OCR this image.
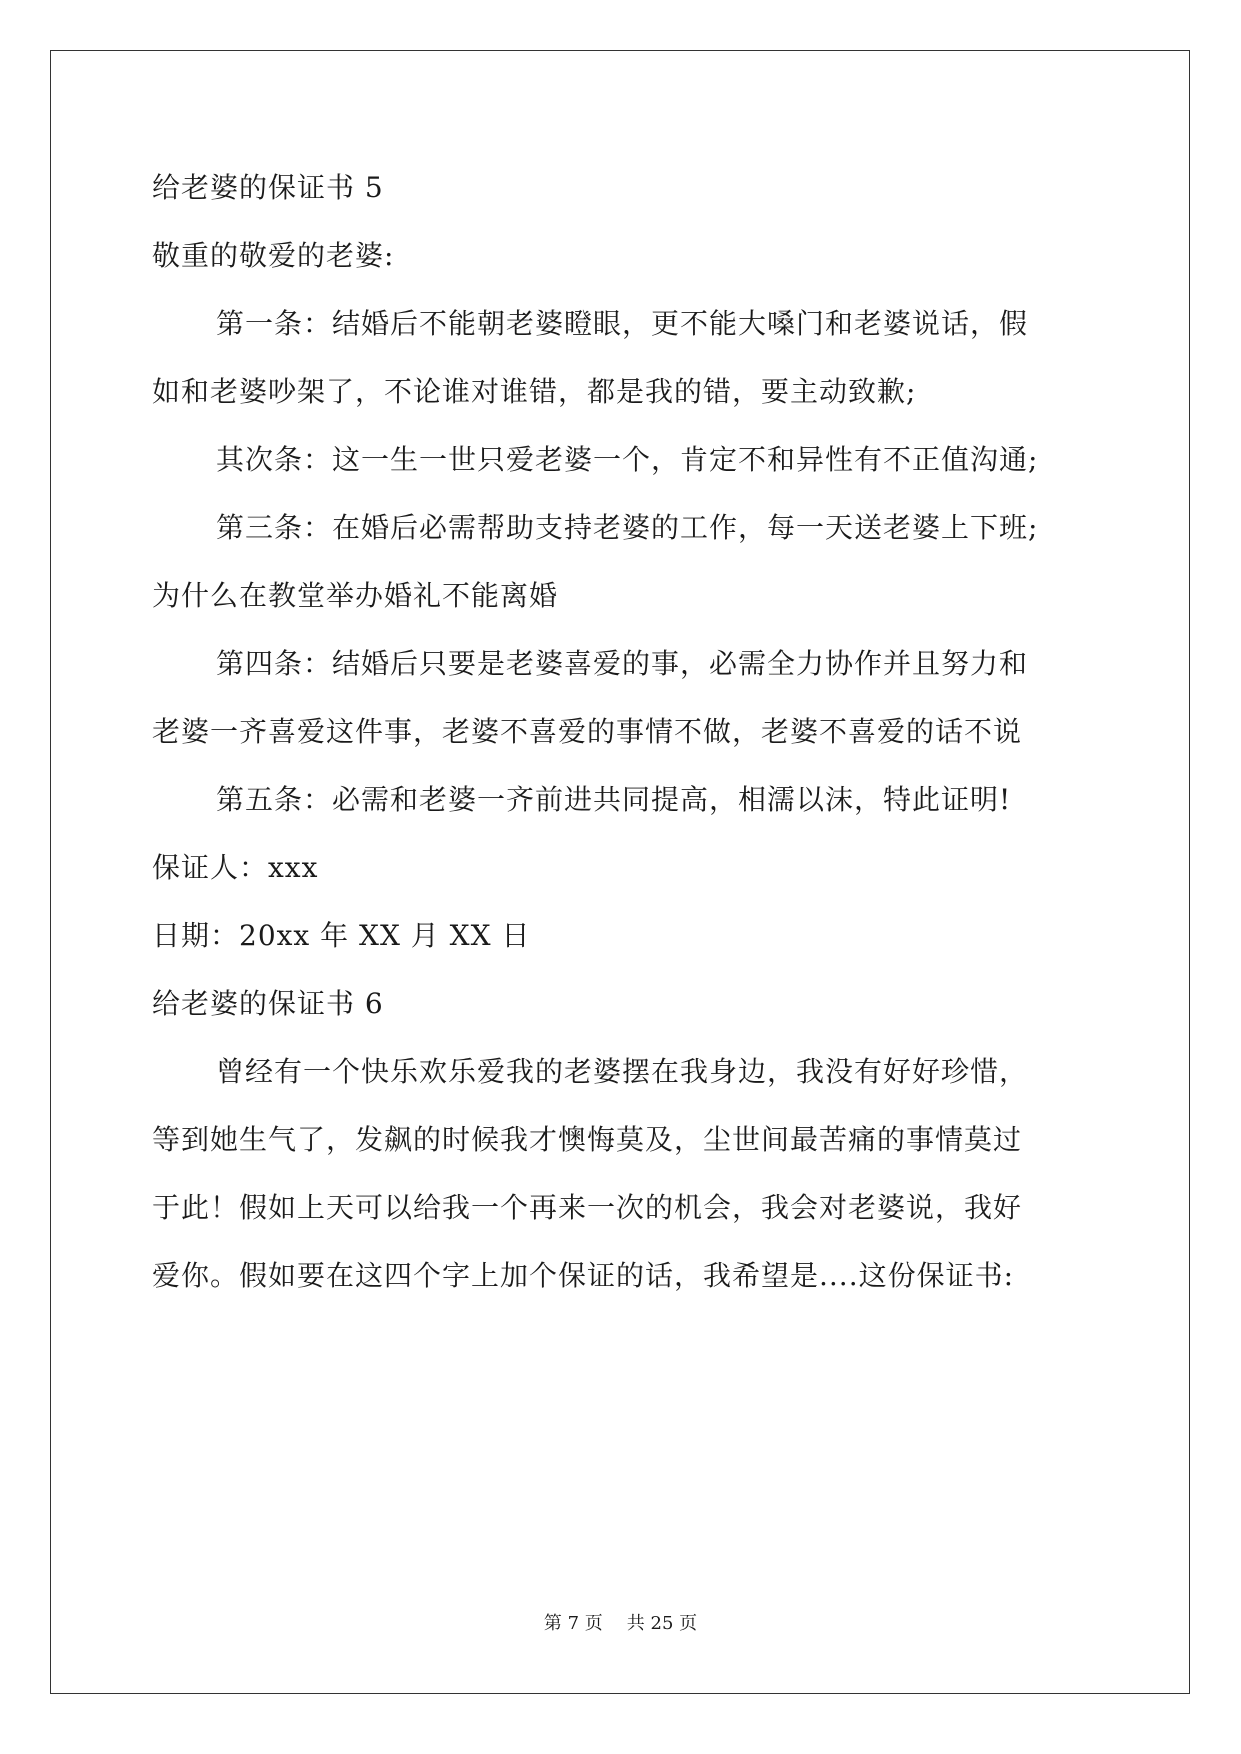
给老婆的保证书 5
敬重的敬爱的老婆:
第一条：结婚后不能朝老婆瞪眼，更不能大嗓门和老婆说话，假
如和老婆吵架了，不论谁对谁错，都是我的错，要主动致歉;
其次条：这一生一世只爱老婆一个，肯定不和异性有不正值沟通;
第三条：在婚后必需帮助支持老婆的工作，每一天送老婆上下班;
为什么在教堂举办婚礼不能离婚
第四条：结婚后只要是老婆喜爱的事，必需全力协作并且努力和
老婆一齐喜爱这件事，老婆不喜爱的事情不做，老婆不喜爱的话不说
第五条：必需和老婆一齐前进共同提高，相濡以沫，特此证明!
保证人：xxx
日期：20xx 年 XX 月 XX 日
给老婆的保证书 6
曾经有一个快乐欢乐爱我的老婆摆在我身边，我没有好好珍惜，
等到她生气了，发飙的时候我才懊悔莫及，尘世间最苦痛的事情莫过
于此！假如上天可以给我一个再来一次的机会，我会对老婆说，我好
爱你。假如要在这四个字上加个保证的话，我希望是....这份保证书:
第 7 页 共 25 页
